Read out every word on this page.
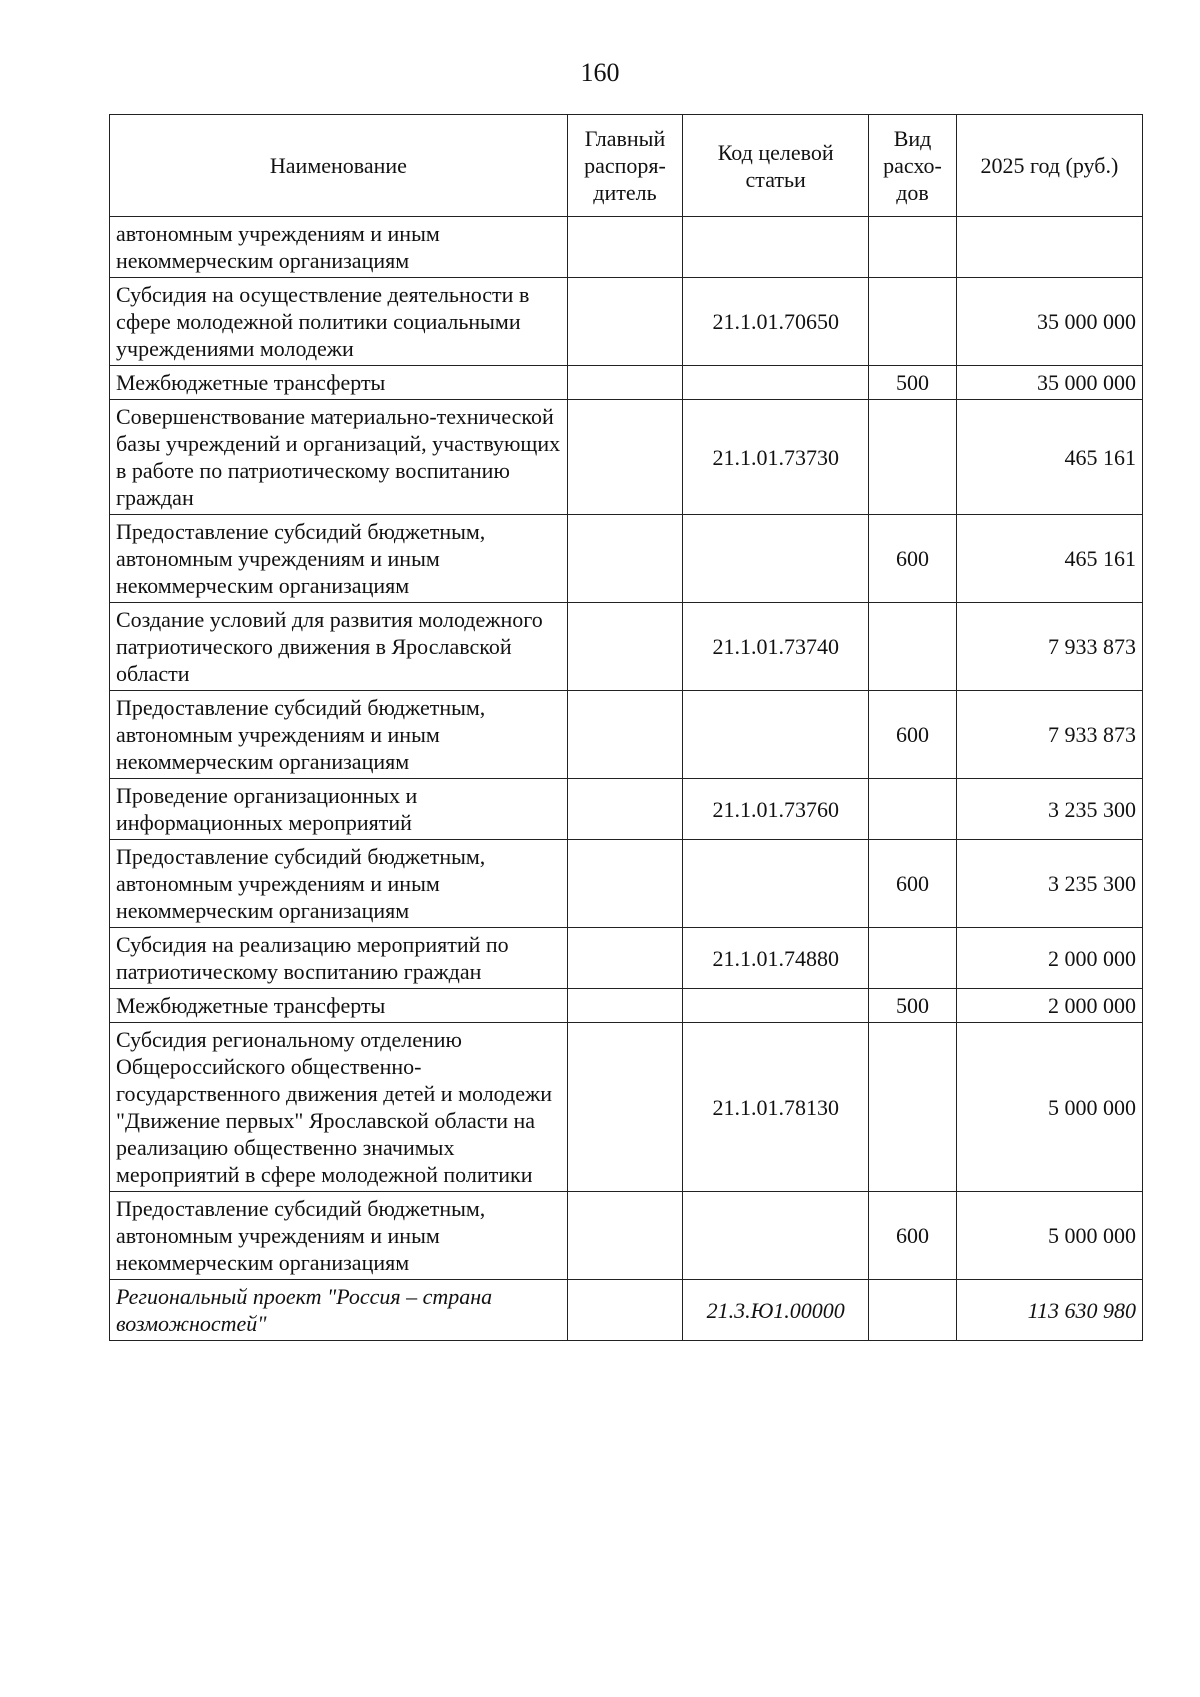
160
Наименование	Главный распоря-дитель	Код целевой статьи	Вид расхо-дов	2025 год (руб.)
автономным учреждениям и иным некоммерческим организациям				
Субсидия на осуществление деятельности в сфере молодежной политики социальными учреждениями молодежи		21.1.01.70650		35 000 000
Межбюджетные трансферты			500	35 000 000
Совершенствование материально-технической базы учреждений и организаций, участвующих в работе по патриотическому воспитанию граждан		21.1.01.73730		465 161
Предоставление субсидий бюджетным, автономным учреждениям и иным некоммерческим организациям			600	465 161
Создание условий для развития молодежного патриотического движения в Ярославской области		21.1.01.73740		7 933 873
Предоставление субсидий бюджетным, автономным учреждениям и иным некоммерческим организациям			600	7 933 873
Проведение организационных и информационных мероприятий		21.1.01.73760		3 235 300
Предоставление субсидий бюджетным, автономным учреждениям и иным некоммерческим организациям			600	3 235 300
Субсидия на реализацию мероприятий по патриотическому воспитанию граждан		21.1.01.74880		2 000 000
Межбюджетные трансферты			500	2 000 000
Субсидия региональному отделению Общероссийского общественно-государственного движения детей и молодежи "Движение первых" Ярославской области на реализацию общественно значимых мероприятий в сфере молодежной политики		21.1.01.78130		5 000 000
Предоставление субсидий бюджетным, автономным учреждениям и иным некоммерческим организациям			600	5 000 000
Региональный проект "Россия – страна возможностей"		21.3.Ю1.00000		113 630 980
